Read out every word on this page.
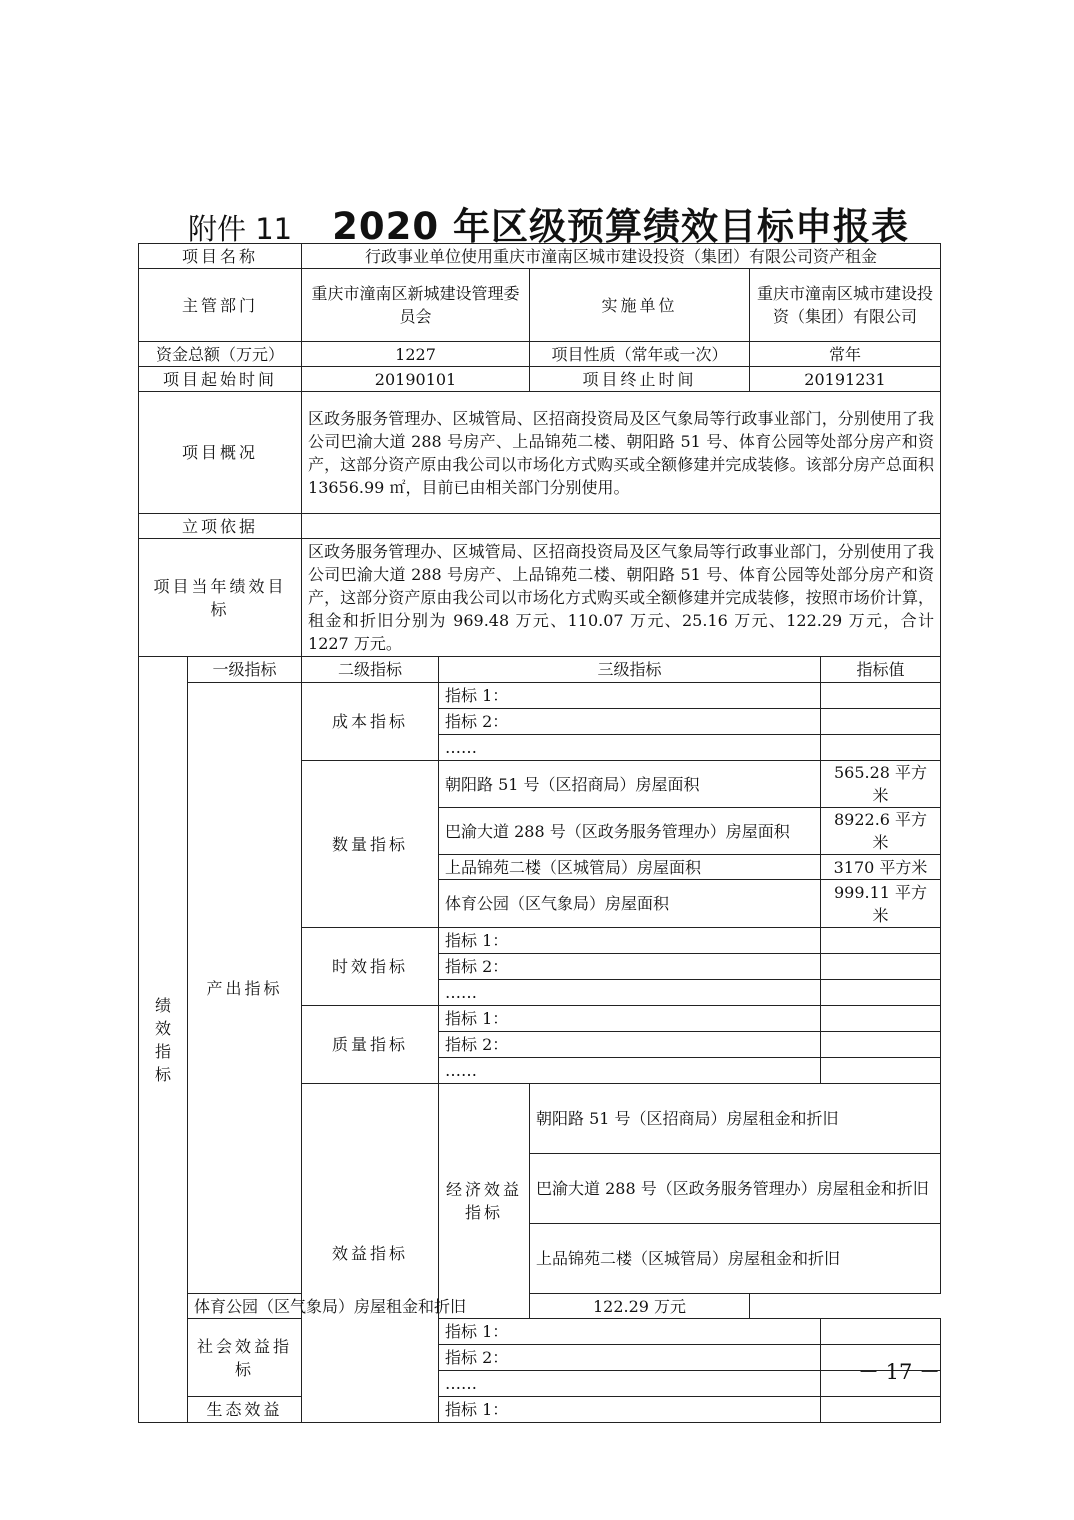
附件 11 2020 年区级预算绩效目标申报表
项目名称		行政事业单位使用重庆市潼南区城市建设投资（集团）有限公司资产租金					
主管部门		重庆市潼南区新城建设管理委员会		实施单位	重庆市潼南区城市建设投资（集团）有限公司		
资金总额（万元）		1227		项目性质（常年或一次）	常年		
项目起始时间		20190101		项目终止时间	20191231		
项目概况		区政务服务管理办、区城管局、区招商投资局及区气象局等行政事业部门，分别使用了我公司巴渝大道 288 号房产、上品锦苑二楼、朝阳路 51 号、体育公园等处部分房产和资产，这部分资产原由我公司以市场化方式购买或全额修建并完成装修。该部分房产总面积 13656.99 ㎡，目前已由相关部门分别使用。					
立项依据							
项目当年绩效目标		区政务服务管理办、区城管局、区招商投资局及区气象局等行政事业部门，分别使用了我公司巴渝大道 288 号房产、上品锦苑二楼、朝阳路 51 号、体育公园等处部分房产和资产，这部分资产原由我公司以市场化方式购买或全额修建并完成装修，按照市场价计算，租金和折旧分别为 969.48 万元、110.07 万元、25.16 万元、122.29 万元，合计 1227 万元。					

绩效指标	一级指标	二级指标	三级指标			指标值	
	产出指标	成本指标	指标 1：				
			指标 2：				
			……				
		数量指标	朝阳路 51 号（区招商局）房屋面积			565.28 平方米	
			巴渝大道 288 号（区政务服务管理办）房屋面积			8922.6 平方米	
			上品锦苑二楼（区城管局）房屋面积			3170 平方米	
			体育公园（区气象局）房屋面积			999.11 平方米	
		时效指标	指标 1：				
			指标 2：				
			……				
		质量指标	指标 1：				
			指标 2：				
			……				
		效益指标	经济效益指标	朝阳路 51 号（区招商局）房屋租金和折旧	
				巴渝大道 288 号（区政务服务管理办）房屋租金和折旧	
				上品锦苑二楼（区城管局）房屋租金和折旧	
	体育公园（区气象局）房屋租金和折旧			122.29 万元			
	社会效益指标		指标 1：				
			指标 2：				
			……				
	生态效益		指标 1：				
－ 17 －
